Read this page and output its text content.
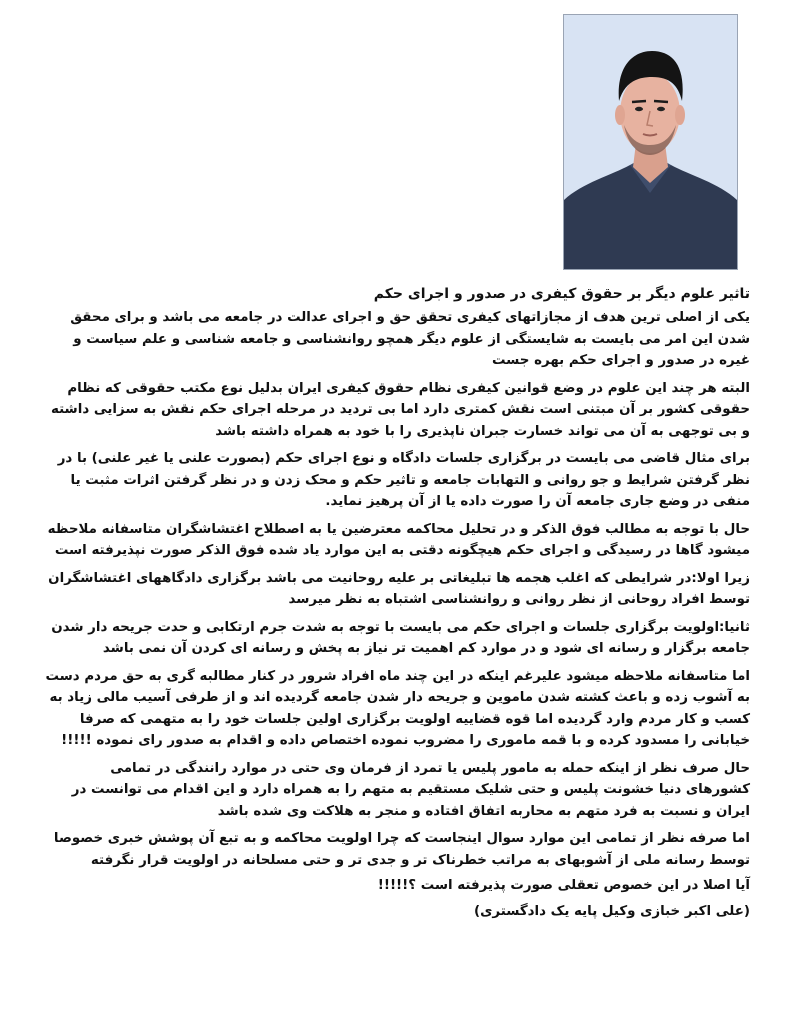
تاثیر علوم دیگر بر حقوق کیفری در صدور و اجرای حکم

یکی از اصلی ترین هدف از مجازاتهای کیفری تحقق حق و اجرای عدالت در جامعه می باشد و برای محقق شدن این امر می بایست به شایستگی از علوم دیگر همچو روانشناسی و جامعه شناسی و علم سیاست و غیره در صدور و اجرای حکم بهره جست

البته هر چند این علوم در وضع قوانین کیفری نظام حقوق کیفری ایران بدلیل نوع مکتب حقوقی که نظام حقوقی کشور بر آن مبتنی است نقش کمتری دارد اما بی تردید در مرحله اجرای حکم نقش به سزایی داشته و بی توجهی به آن می تواند خسارت جبران ناپذیری را با خود به همراه داشته باشد

برای مثال قاضی می بایست در برگزاری جلسات دادگاه و نوع اجرای حکم (بصورت علنی یا غیر علنی) با در نظر گرفتن شرایط و جو روانی و التهابات جامعه و تاثیر حکم و محک زدن و در نظر گرفتن اثرات مثبت یا منفی در وضع جاری جامعه آن را صورت داده یا از آن پرهیز نماید.

حال با توجه به مطالب فوق الذکر و در تحلیل محاکمه معترضین یا به اصطلاح اغتشاشگران متاسفانه ملاحظه میشود گاها در رسیدگی و اجرای حکم هیچگونه دقتی به این موارد یاد شده فوق الذکر صورت نپذیرفته است

زیرا اولا:در شرایطی که اغلب هجمه ها تبلیغاتی بر علیه روحانیت می باشد برگزاری دادگاههای اغتشاشگران توسط افراد روحانی از نظر روانی و روانشناسی اشتباه به نظر میرسد

ثانیا:اولویت برگزاری جلسات و اجرای حکم می بایست با توجه به شدت جرم ارتکابی و حدت جریحه دار شدن جامعه برگزار و رسانه ای شود و در موارد کم اهمیت تر نیاز به پخش و رسانه ای کردن آن نمی باشد

اما متاسفانه ملاحظه میشود علیرغم اینکه در این چند ماه افراد شرور در کنار مطالبه گری به حق مردم دست به آشوب زده و باعث کشته شدن ماموین و جریحه دار شدن جامعه گردیده اند و از طرفی آسیب مالی زیاد به کسب و کار مردم وارد گردیده اما قوه قضاییه اولویت برگزاری اولین جلسات خود را به متهمی که صرفا خیابانی را مسدود کرده و با قمه ماموری را مضروب نموده اختصاص داده و اقدام به صدور رای نموده !!!!!

حال صرف نظر از اینکه حمله به مامور پلیس یا تمرد از فرمان وی حتی در موارد رانندگی در تمامی کشورهای دنیا خشونت پلیس و حتی شلیک مستقیم به متهم را به همراه دارد و این اقدام می توانست در ایران و نسبت به فرد متهم به محاربه اتفاق افتاده و منجر به هلاکت وی شده باشد

اما صرفه نظر از تمامی این موارد سوال اینجاست که چرا اولویت محاکمه و به تبع آن پوشش خبری خصوصا توسط رسانه ملی از آشوبهای به مراتب خطرناک تر و جدی تر و حتی مسلحانه در اولویت قرار نگرفته

آیا اصلا در این خصوص تعقلی صورت پذیرفته است ؟!!!!!

(علی اکبر خبازی وکیل پایه یک دادگستری)
